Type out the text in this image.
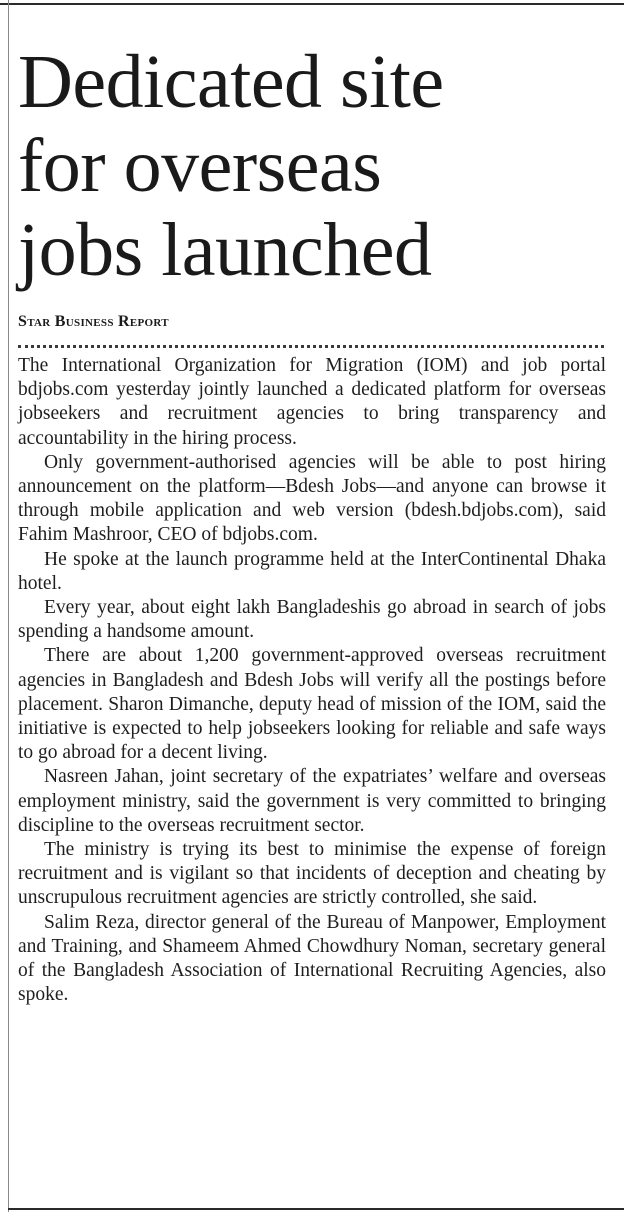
Dedicated site
for overseas
jobs launched
Star Business Report

The International Organization for Migration (IOM) and job portal bdjobs.com yesterday jointly launched a dedicated platform for overseas jobseekers and recruitment agencies to bring transparency and accountability in the hiring process.

Only government-authorised agencies will be able to post hiring announcement on the platform—Bdesh Jobs—and anyone can browse it through mobile application and web version (bdesh.bdjobs.com), said Fahim Mashroor, CEO of bdjobs.com.

He spoke at the launch programme held at the InterContinental Dhaka hotel.

Every year, about eight lakh Bangladeshis go abroad in search of jobs spending a handsome amount.

There are about 1,200 government-approved overseas recruitment agencies in Bangladesh and Bdesh Jobs will verify all the postings before placement. Sharon Dimanche, deputy head of mission of the IOM, said the initiative is expected to help jobseekers looking for reliable and safe ways to go abroad for a decent living.

Nasreen Jahan, joint secretary of the expatriates’ welfare and overseas employment ministry, said the government is very committed to bringing discipline to the overseas recruitment sector.

The ministry is trying its best to minimise the expense of foreign recruitment and is vigilant so that incidents of deception and cheating by unscrupulous recruitment agencies are strictly controlled, she said.

Salim Reza, director general of the Bureau of Manpower, Employment and Training, and Shameem Ahmed Chowdhury Noman, secretary general of the Bangladesh Association of International Recruiting Agencies, also spoke.
